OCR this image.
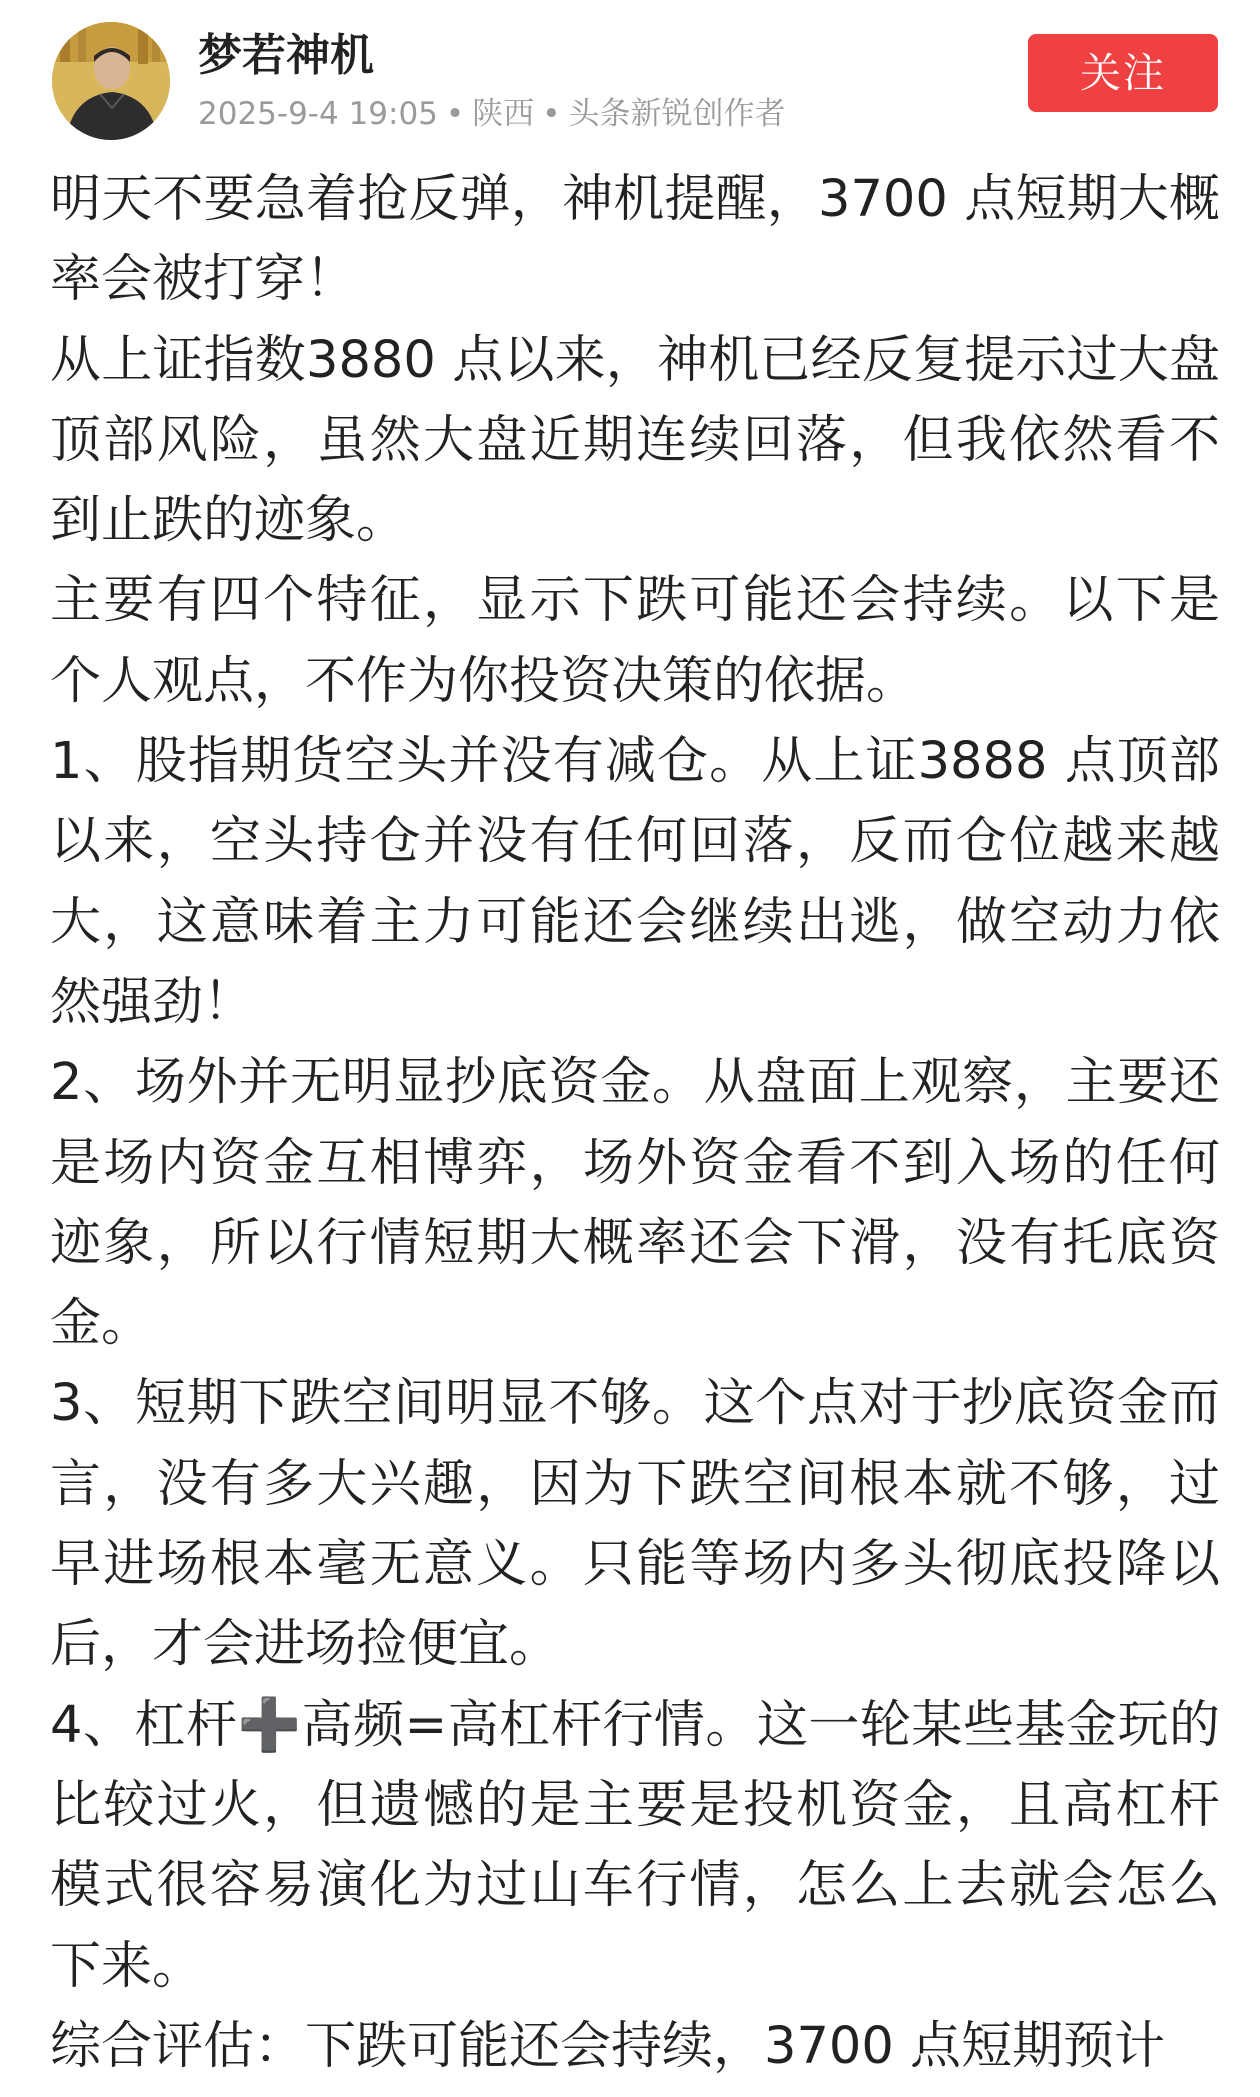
梦若神机
2025-9-4 19:05 • 陕西 • 头条新锐创作者
关注

明天不要急着抢反弹，神机提醒，3700 点短期大概率会被打穿！

从上证指数3880 点以来，神机已经反复提示过大盘顶部风险，虽然大盘近期连续回落，但我依然看不到止跌的迹象。

主要有四个特征，显示下跌可能还会持续。以下是个人观点，不作为你投资决策的依据。

1、股指期货空头并没有减仓。从上证3888 点顶部以来，空头持仓并没有任何回落，反而仓位越来越大，这意味着主力可能还会继续出逃，做空动力依然强劲！

2、场外并无明显抄底资金。从盘面上观察，主要还是场内资金互相博弈，场外资金看不到入场的任何迹象，所以行情短期大概率还会下滑，没有托底资金。

3、短期下跌空间明显不够。这个点对于抄底资金而言，没有多大兴趣，因为下跌空间根本就不够，过早进场根本毫无意义。只能等场内多头彻底投降以后，才会进场捡便宜。

4、杠杆➕高频=高杠杆行情。这一轮某些基金玩的比较过火，但遗憾的是主要是投机资金，且高杠杆模式很容易演化为过山车行情，怎么上去就会怎么下来。

综合评估：下跌可能还会持续，3700 点短期预计
